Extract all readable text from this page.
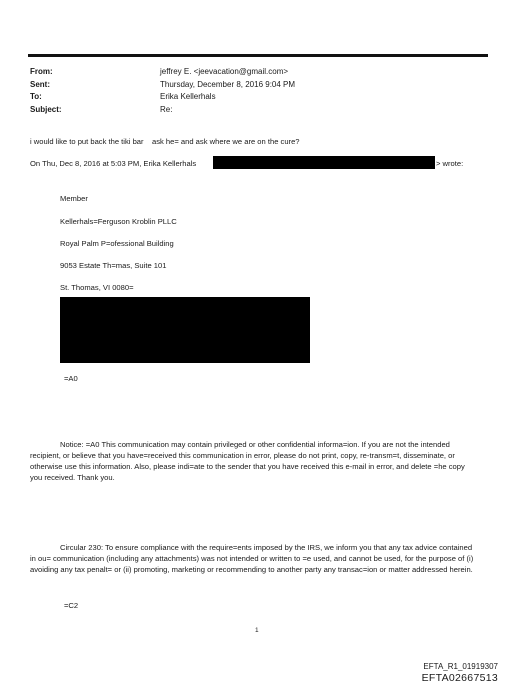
From:	jeffrey E. <jeevacation@gmail.com>
Sent:	Thursday, December 8, 2016 9:04 PM
To:	Erika Kellerhals
Subject:	Re:
i would like to put back the tiki bar    ask he= and ask where we are on the cure?
On Thu, Dec 8, 2016 at 5:03 PM, Erika Kellerhals	> wrote:
Member
Kellerhals=Ferguson Kroblin PLLC
Royal Palm P=ofessional Building
9053 Estate Th=mas, Suite 101
St. Thomas, VI 0080=
=A0
Notice: =A0 This communication may contain privileged or other confidential informa=ion. If you are not the intended recipient, or believe that you have=received this communication in error, please do not print, copy, re-transm=t, disseminate, or otherwise use this information. Also, please indi=ate to the sender that you have received this e-mail in error, and delete =he copy you received. Thank you.
Circular 230: To ensure compliance with the require=ents imposed by the IRS, we inform you that any tax advice contained in ou= communication (including any attachments) was not intended or written to =e used, and cannot be used, for the purpose of (i) avoiding any tax penalt= or (ii) promoting, marketing or recommending to another party any transac=ion or matter addressed herein.
=C2
1
EFTA_R1_01919307
EFTA02667513
